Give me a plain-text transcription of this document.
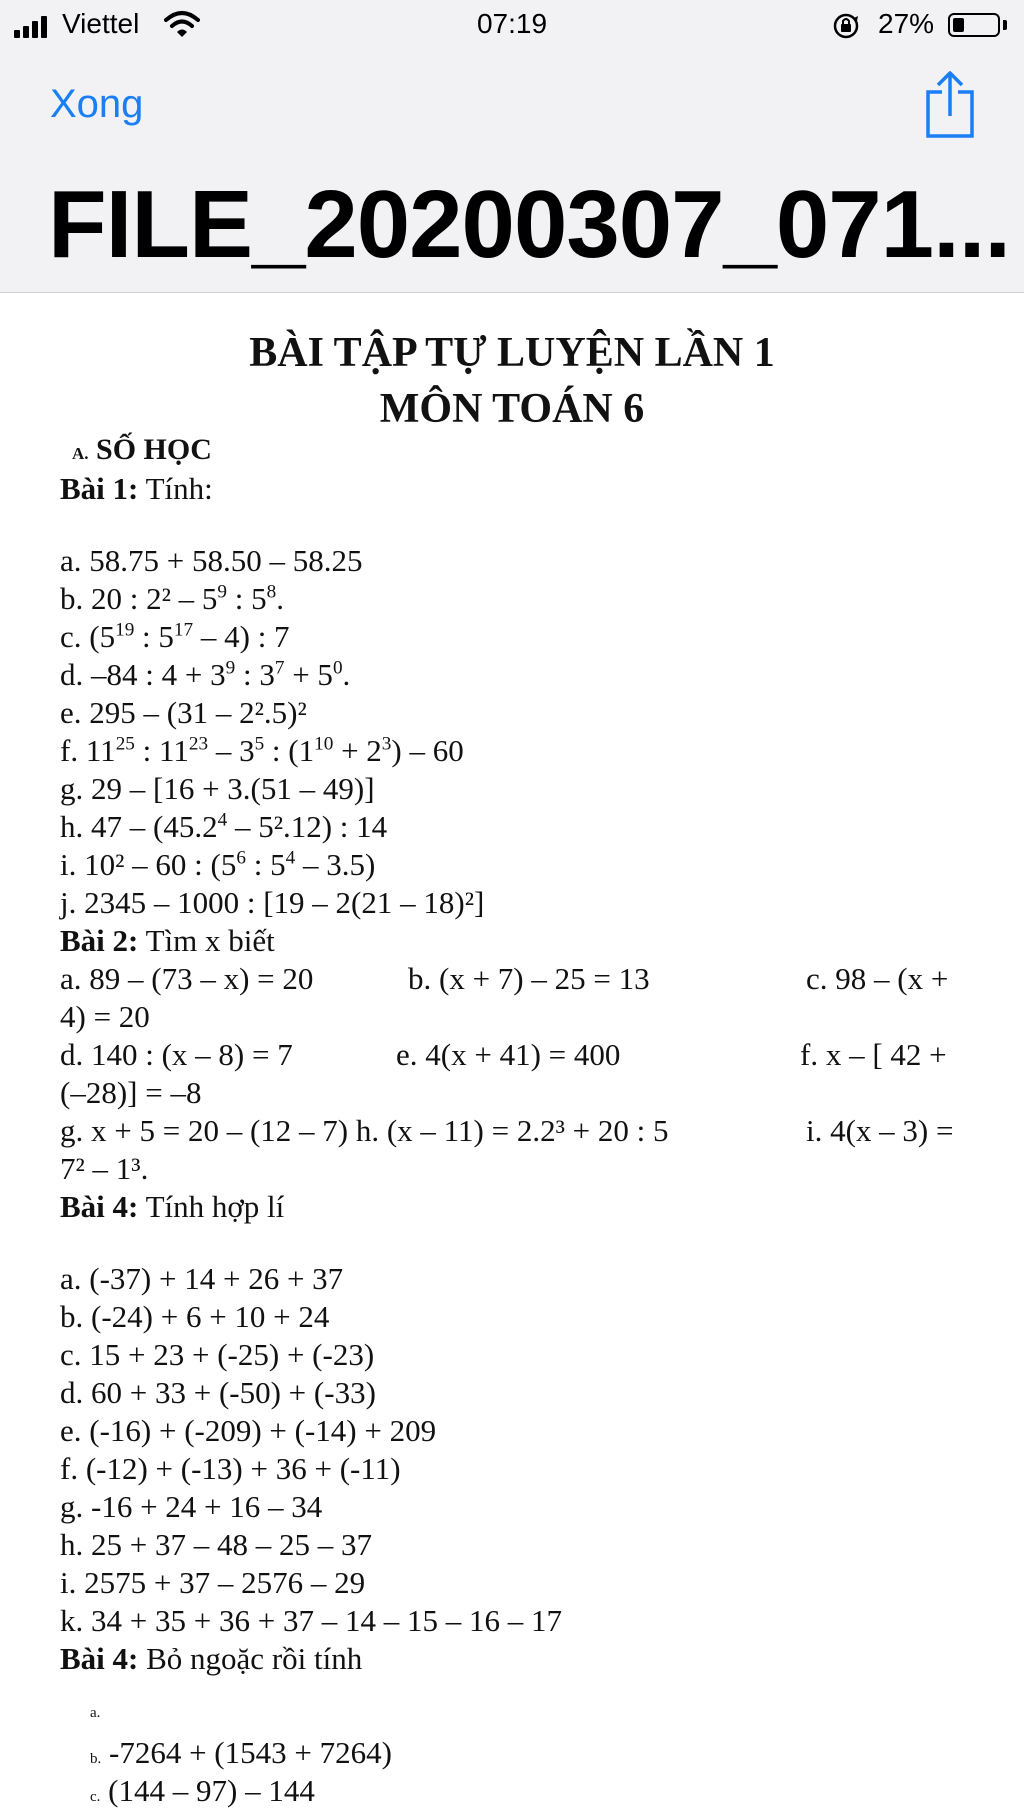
Viettel	07:19	27%
Xong
FILE_20200307_071...
BÀI TẬP TỰ LUYỆN LẦN 1
MÔN TOÁN 6
A. SỐ HỌC
Bài 1: Tính:
a. 58.75 + 58.50 – 58.25
b. 20 : $2^2 - 5^9$ : $5^8$.
c. ($5^{19}$ : $5^{17} - 4$) : 7
d. –84 : $4 + 3^9$ : $3^7 + 5^0$.
e. 295 – (31 – 2².5)²
f. $11^{25}$ : $11^{23} - 3^5$ : $(1^{10} + 2^3) - 60$
g. 29 – [16 + 3.(51 – 49)]
h. 47 – (45.2$^4$ – 5².12) : 14
i. 10² – 60 : ($5^6$ : $5^4 - 3.5$)
j. 2345 – 1000 : [19 – 2(21 – 18)²]
Bài 2: Tìm x biết
a. 89 – (73 – x) = 20	b. (x + 7) – 25 = 13	c. 98 – (x +
4) = 20
d. 140 : (x – 8) = 7	e. 4(x + 41) = 400	f. x – [ 42 +
(–28)] = –8
g. x + 5 = 20 – (12 – 7) h. (x – 11) = 2.2³ + 20 : 5	i. 4(x – 3) =
7² – 1³.
Bài 4: Tính hợp lí
a. (-37) + 14 + 26 + 37
b. (-24) + 6 + 10 + 24
c. 15 + 23 + (-25) + (-23)
d. 60 + 33 + (-50) + (-33)
e. (-16) + (-209) + (-14) + 209
f. (-12) + (-13) + 36 + (-11)
g. -16 + 24 + 16 – 34
h. 25 + 37 – 48 – 25 – 37
i. 2575 + 37 – 2576 – 29
k. 34 + 35 + 36 + 37 – 14 – 15 – 16 – 17
Bài 4: Bỏ ngoặc rồi tính
a.
b. -7264 + (1543 + 7264)
c. (144 – 97) – 144
